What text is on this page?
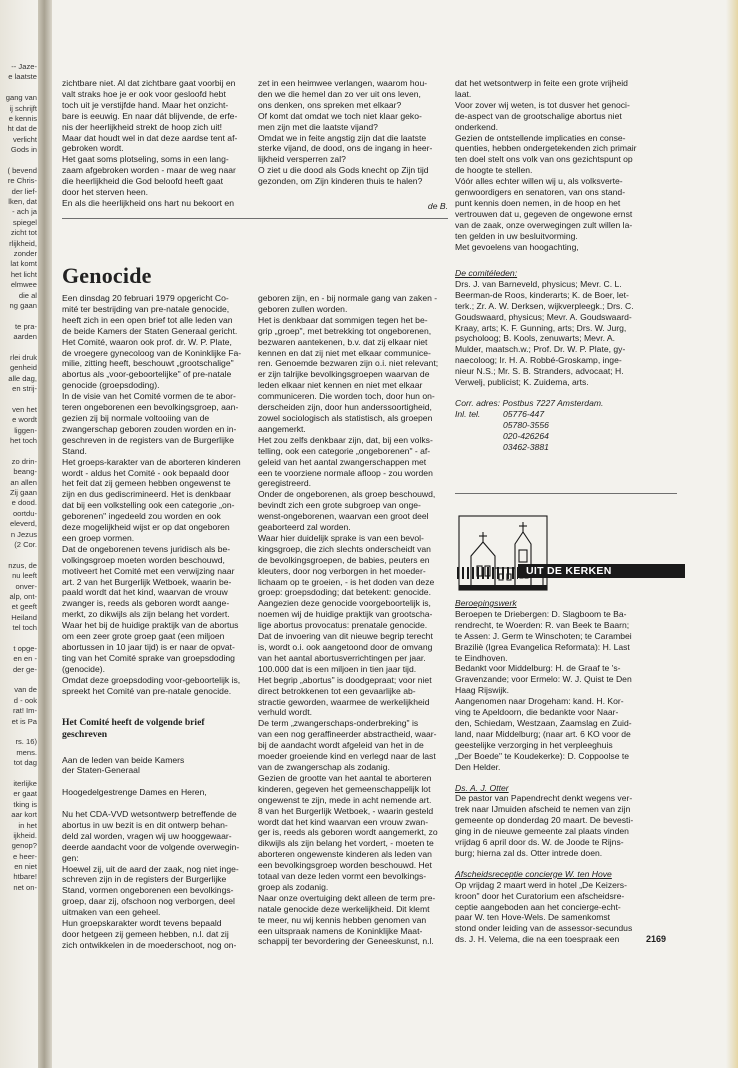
-- Jaze-
e laatste
gang van
ij schrijft
e kennis
ht dat de
verlicht
Gods in
( bevend
re Chris-
der lief-
lken, dat
- ach ja
spiegel
zicht tot
rlijkheid,
zonder
lat komt
het licht
elmwee
die al
ng gaan
te pra-
aarden
rlei druk
genheid
alle dag,
en strij-
ven het
e wordt
liggen-
het toch
zo drin-
beang-
an allen
Zij gaan
e dood.
oortdu-
eleverd,
n Jezus
(2 Cor.
nzus, de
nu leeft
onver-
alp, ont-
et geeft
Heiland
tel toch
t opge-
en en -
der ge-
van de
d - ook
rat! Im-
et is Pa
rs. 16)
mens.
tot dag
iterlijke
er gaat
tking is
aar kort
in het
ijkheid.
genop?
e heer-
en niet
htbare!
net on-
zichtbare niet. Al dat zichtbare gaat voorbij en
valt straks hoe je er ook voor gesloofd hebt
toch uit je verstijfde hand. Maar het onzicht-
bare is eeuwig. En naar dát blijvende, de erfe-
nis der heerlijkheid strekt de hoop zich uit!
Maar dat houdt wel in dat deze aardse tent af-
gebroken wordt.
Het gaat soms plotseling, soms in een lang-
zaam afgebroken worden - maar de weg naar
die heerlijkheid die God beloofd heeft gaat
door het sterven heen.
En als die heerlijkheid ons hart nu bekoort en
zet in een heimwee verlangen, waarom hou-
den we die hemel dan zo ver uit ons leven,
ons denken, ons spreken met elkaar?
Of komt dat omdat we toch niet klaar geko-
men zijn met die laatste vijand?
Omdat we in feite angstig zijn dat die laatste
sterke vijand, de dood, ons de ingang in heer-
lijkheid versperren zal?
O ziet u die dood als Gods knecht op Zijn tijd
gezonden, om Zijn kinderen thuis te halen?
de B.
dat het wetsontwerp in feite een grote vrijheid
laat.
Voor zover wij weten, is tot dusver het genoci-
de-aspect van de grootschalige abortus niet
onderkend.
Gezien de ontstellende implicaties en conse-
quenties, hebben ondergetekenden zich primair
ten doel stelt ons volk van ons gezichtspunt op
de hoogte te stellen.
Vóór alles echter willen wij u, als volksverte-
genwoordigers en senatoren, van ons stand-
punt kennis doen nemen, in de hoop en het
vertrouwen dat u, gegeven de ongewone ernst
van de zaak, onze overwegingen zult willen la-
ten gelden in uw besluitvorming.
Met gevoelens van hoogachting,
Genocide
Een dinsdag 20 februari 1979 opgericht Co-
mité ter bestrijding van pre-natale genocide,
heeft zich in een open brief tot alle leden van
de beide Kamers der Staten Generaal gericht.
Het Comité, waaron ook prof. dr. W. P. Plate,
de vroegere gynecoloog van de Koninklijke Fa-
milie, zitting heeft, beschouwt „grootschalige"
abortus als „voor-geboortelijke" of pre-natale
genocide (groepsdoding).
In de visie van het Comité vormen de te abor-
teren ongeborenen een bevolkingsgroep, aan-
gezien zij bij normale voltooiing van de
zwangerschap geboren zouden worden en in-
geschreven in de registers van de Burgerlijke
Stand.
Het groeps-karakter van de aborteren kinderen
wordt - aldus het Comité - ook bepaald door
het feit dat zij gemeen hebben ongewenst te
zijn en dus gediscrimineerd. Het is denkbaar
dat bij een volkstelling ook een categorie „on-
geborenen" ingedeeld zou worden en ook
deze mogelijkheid wijst er op dat ongeboren
een groep vormen.
Dat de ongeborenen tevens juridisch als be-
volkingsgroep moeten worden beschouwd,
motiveert het Comité met een verwijzing naar
art. 2 van het Burgerlijk Wetboek, waarin be-
paald wordt dat het kind, waarvan de vrouw
zwanger is, reeds als geboren wordt aange-
merkt, zo dikwijls als zijn belang het vordert.
Waar het bij de huidige praktijk van de abortus
om een zeer grote groep gaat (een miljoen
abortussen in 10 jaar tijd) is er naar de opvat-
ting van het Comité sprake van groepsdoding
(genocide).
Omdat deze groepsdoding voor-geboortelijk is,
spreekt het Comité van pre-natale genocide.
Het Comité heeft de volgende brief geschreven
Aan de leden van beide Kamers
der Staten-Generaal
Hoogedelgestrenge Dames en Heren,
Nu het CDA-VVD wetsontwerp betreffende de
abortus in uw bezit is en dit ontwerp behan-
deld zal worden, vragen wij uw hooggewaar-
deerde aandacht voor de volgende overwegin-
gen:
Hoewel zij, uit de aard der zaak, nog niet inge-
schreven zijn in de registers der Burgerlijke
Stand, vormen ongeborenen een bevolkings-
groep, daar zij, ofschoon nog verborgen, deel
uitmaken van een geheel.
Hun groepskarakter wordt tevens bepaald
door hetgeen zij gemeen hebben, n.l. dat zij
zich ontwikkelen in de moederschoot, nog on-
geboren zijn, en - bij normale gang van zaken -
geboren zullen worden.
Het is denkbaar dat sommigen tegen het be-
grip „groep", met betrekking tot ongeborenen,
bezwaren aantekenen, b.v. dat zij elkaar niet
kennen en dat zij niet met elkaar communice-
ren. Genoemde bezwaren zijn o.i. niet relevant;
er zijn talrijke bevolkingsgroepen waarvan de
leden elkaar niet kennen en niet met elkaar
communiceren. Die worden toch, door hun on-
derscheiden zijn, door hun anderssoortigheid,
zowel sociologisch als statistisch, als groepen
aangemerkt.
Het zou zelfs denkbaar zijn, dat, bij een volks-
telling, ook een categorie „ongeborenen" - af-
geleid van het aantal zwangerschappen met
een te voorziene normale afloop - zou worden
geregistreerd.
Onder de ongeborenen, als groep beschouwd,
bevindt zich een grote subgroep van onge-
wenst-ongeborenen, waarvan een groot deel
geaborteerd zal worden.
Waar hier duidelijk sprake is van een bevol-
kingsgroep, die zich slechts onderscheidt van
de bevolkingsgroepen, de babies, peuters en
kleuters, door nog verborgen in het moeder-
lichaam op te groeien, - is het doden van deze
groep: groepsdoding; dat betekent: genocide.
Aangezien deze genocide voorgeboortelijk is,
noemen wij de huidige praktijk van grootscha-
lige abortus provocatus: prenatale genocide.
Dat de invoering van dit nieuwe begrip terecht
is, wordt o.i. ook aangetoond door de omvang
van het aantal abortusverrichtingen per jaar.
100.000 dat is een miljoen in tien jaar tijd.
Het begrip „abortus" is doodgepraat; voor niet
direct betrokkenen tot een gevaarlijke ab-
stractie geworden, waarmee de werkelijkheid
verhuld wordt.
De term „zwangerschaps-onderbreking" is
van een nog geraffineerder abstractheid, waar-
bij de aandacht wordt afgeleid van het in de
moeder groeiende kind en verlegd naar de last
van de zwangerschap als zodanig.
Gezien de grootte van het aantal te aborteren
kinderen, gegeven het gemeenschappelijk lot
ongewenst te zijn, mede in acht nemende art.
8 van het Burgerlijk Wetboek, - waarin gesteld
wordt dat het kind waarvan een vrouw zwan-
ger is, reeds als geboren wordt aangemerkt, zo
dikwijls als zijn belang het vordert, - moeten te
aborteren ongewenste kinderen als leden van
een bevolkingsgroep worden beschouwd. Het
totaal van deze leden vormt een bevolkings-
groep als zodanig.
Naar onze overtuiging dekt alleen de term pre-
natale genocide deze werkelijkheid. Dit klemt
te meer, nu wij kennis hebben genomen van
een uitspraak namens de Koninklijke Maat-
schappij ter bevordering der Geneeskunst, n.l.
De comitéleden:
Drs. J. van Barneveld, physicus; Mevr. C. L.
Beerman-de Roos, kinderarts; K. de Boer, let-
terk.; Zr. A. W. Derksen, wijkverpleegk.; Drs. C.
Goudswaard, physicus; Mevr. A. Goudswaard-
Kraay, arts; K. F. Gunning, arts; Drs. W. Jurg,
psycholoog; B. Kools, zenuwarts; Mevr. A.
Mulder, maatsch.w.; Prof. Dr. W. P. Plate, gy-
naecoloog; Ir. H. A. Robbé-Groskamp, inge-
nieur N.S.; Mr. S. B. Stranders, advocaat; H.
Verwelj, publicist; K. Zuidema, arts.
Corr. adres: Postbus 7227 Amsterdam.
Inl. tel.	05776-447
05780-3556
020-426264
03462-3881
UIT DE KERKEN
Beroepingswerk
Beroepen te Driebergen: D. Slagboom te Ba-
rendrecht, te Woerden: R. van Beek te Baarn;
te Assen: J. Germ te Winschoten; te Carambei
Braziliè (Igrea Evangelica Reformata): H. Last
te Eindhoven.
Bedankt voor Middelburg: H. de Graaf te 's-
Gravenzande; voor Ermelo: W. J. Quist te Den
Haag Rijswijk.
Aangenomen naar Drogeham: kand. H. Kor-
ving te Apeldoorn, die bedankte voor Naar-
den, Schiedam, Westzaan, Zaamslag en Zuid-
land, naar Middelburg; (naar art. 6 KO voor de
geestelijke verzorging in het verpleeghuis
„Der Boede" te Koudekerke): D. Coppoolse te
Den Helder.
Ds. A. J. Otter
De pastor van Papendrecht denkt wegens ver-
trek naar IJmuiden afscheid te nemen van zijn
gemeente op donderdag 20 maart. De bevesti-
ging in de nieuwe gemeente zal plaats vinden
vrijdag 6 april door ds. W. de Joode te Rijns-
burg; hierna zal ds. Otter intrede doen.
Afscheidsreceptie concierge W. ten Hove
Op vrijdag 2 maart werd in hotel „De Keizers-
kroon" door het Curatorium een afscheidsre-
ceptie aangeboden aan het concierge-echt-
paar W. ten Hove-Wels. De samenkomst
stond onder leiding van de assessor-secundus
ds. J. H. Velema, die na een toespraak een	2169
